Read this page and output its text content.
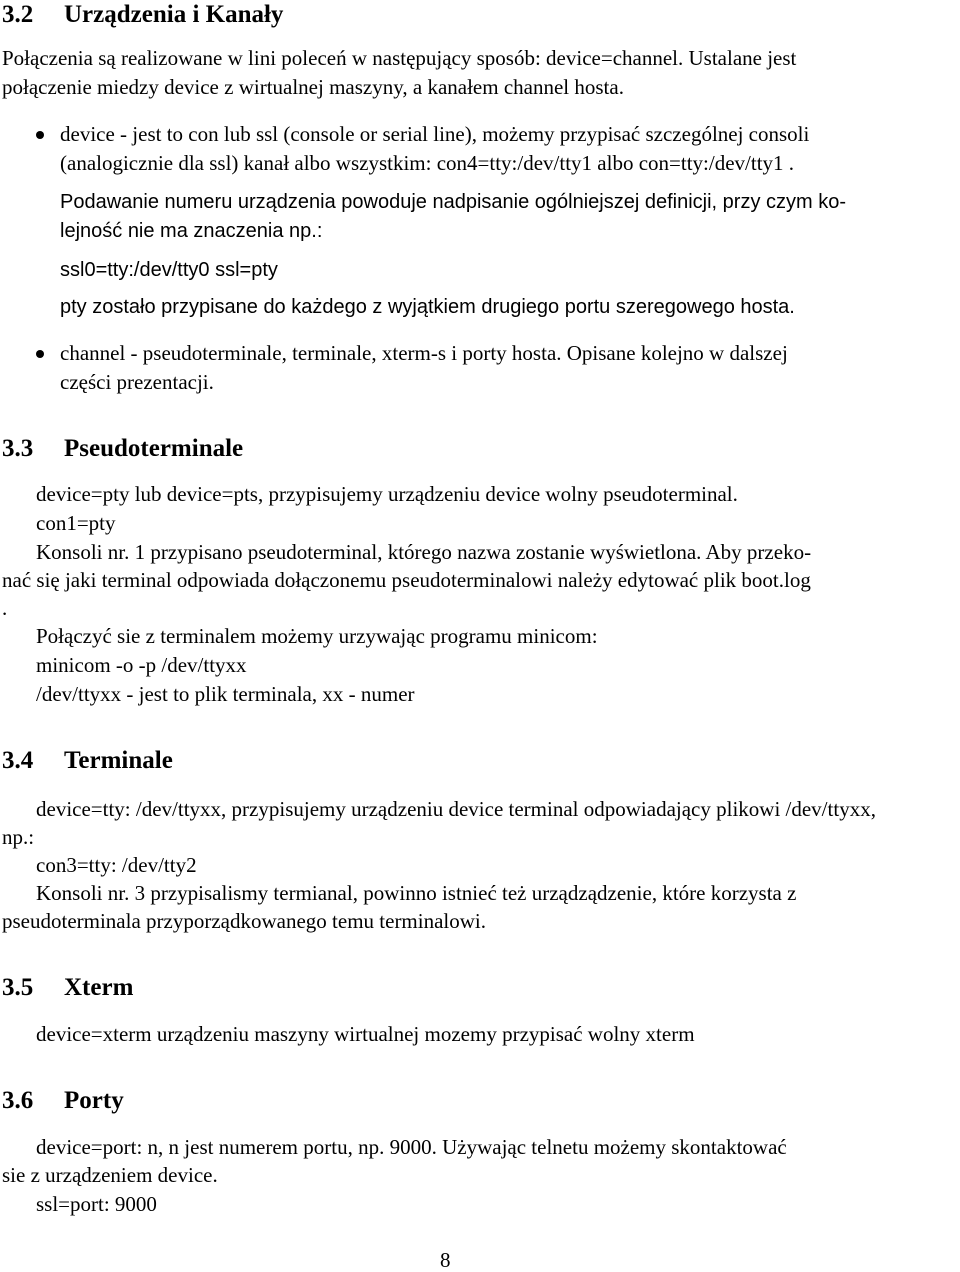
3.2 Urządzenia i Kanały

Połączenia są realizowane w lini poleceń w następujący sposób: device=channel. Ustalane jest

połączenie miedzy device z wirtualnej maszyny, a kanałem channel hosta.

device - jest to con lub ssl (console or serial line), możemy przypisać szczególnej consoli

(analogicznie dla ssl) kanał albo wszystkim: con4=tty:/dev/tty1 albo con=tty:/dev/tty1 .

Podawanie numeru urządzenia powoduje nadpisanie ogólniejszej definicji, przy czym ko-

lejność nie ma znaczenia np.:

ssl0=tty:/dev/tty0 ssl=pty

pty zostało przypisane do każdego z wyjątkiem drugiego portu szeregowego hosta.

channel - pseudoterminale, terminale, xterm-s i porty hosta. Opisane kolejno w dalszej

części prezentacji.

3.3 Pseudoterminale

device=pty lub device=pts, przypisujemy urządzeniu device wolny pseudoterminal.

con1=pty

Konsoli nr. 1 przypisano pseudoterminal, którego nazwa zostanie wyświetlona. Aby przeko-

nać się jaki terminal odpowiada dołączonemu pseudoterminalowi należy edytować plik boot.log

.

Połączyć sie z terminalem możemy urzywając programu minicom:

minicom -o -p /dev/ttyxx

/dev/ttyxx - jest to plik terminala, xx - numer

3.4 Terminale

device=tty: /dev/ttyxx, przypisujemy urządzeniu device terminal odpowiadający plikowi /dev/ttyxx,

np.:

con3=tty: /dev/tty2

Konsoli nr. 3 przypisalismy termianal, powinno istnieć też urządządzenie, które korzysta z

pseudoterminala przyporządkowanego temu terminalowi.

3.5 Xterm

device=xterm urządzeniu maszyny wirtualnej mozemy przypisać wolny xterm

3.6 Porty

device=port: n, n jest numerem portu, np. 9000. Używając telnetu możemy skontaktować

sie z urządzeniem device.

ssl=port: 9000

8
